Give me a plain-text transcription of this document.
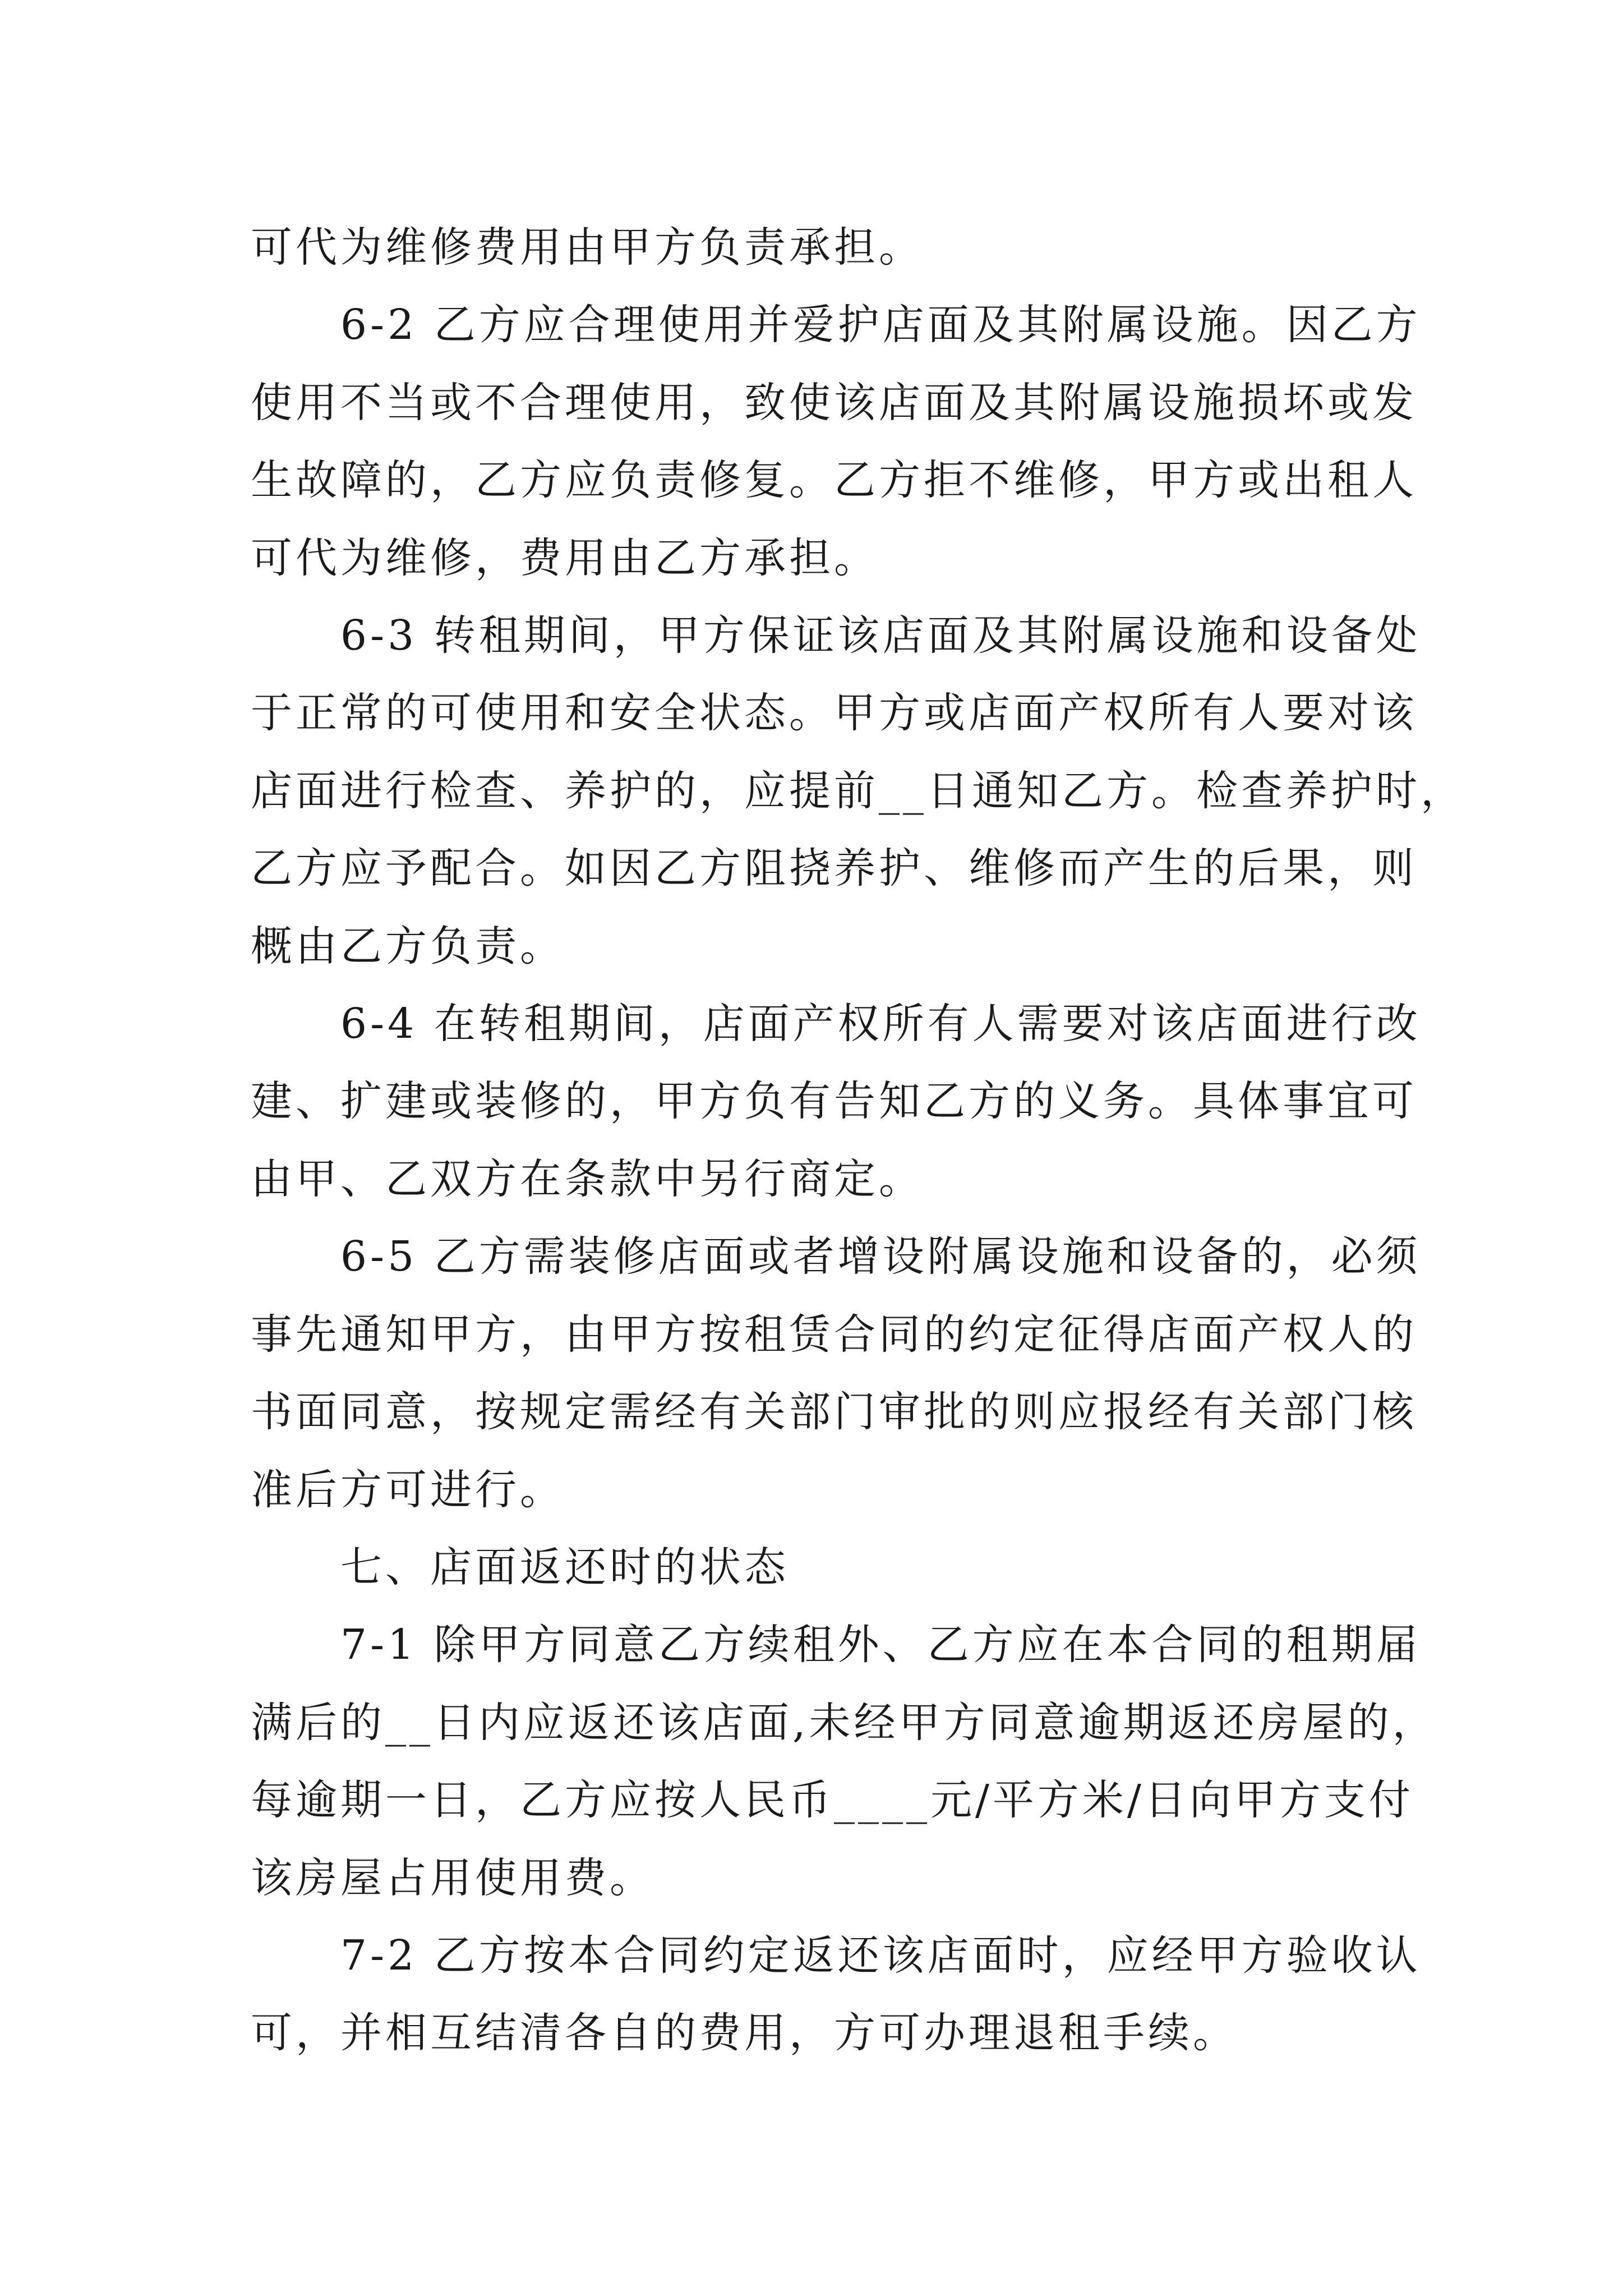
可代为维修费用由甲方负责承担。
6-2 乙方应合理使用并爱护店面及其附属设施。因乙方
使用不当或不合理使用，致使该店面及其附属设施损坏或发
生故障的，乙方应负责修复。乙方拒不维修，甲方或出租人
可代为维修，费用由乙方承担。
6-3 转租期间，甲方保证该店面及其附属设施和设备处
于正常的可使用和安全状态。甲方或店面产权所有人要对该
店面进行检查、养护的，应提前__日通知乙方。检查养护时，
乙方应予配合。如因乙方阻挠养护、维修而产生的后果，则
概由乙方负责。
6-4 在转租期间，店面产权所有人需要对该店面进行改
建、扩建或装修的，甲方负有告知乙方的义务。具体事宜可
由甲、乙双方在条款中另行商定。
6-5 乙方需装修店面或者增设附属设施和设备的，必须
事先通知甲方，由甲方按租赁合同的约定征得店面产权人的
书面同意，按规定需经有关部门审批的则应报经有关部门核
准后方可进行。
七、店面返还时的状态
7-1 除甲方同意乙方续租外、乙方应在本合同的租期届
满后的__日内应返还该店面,未经甲方同意逾期返还房屋的，
每逾期一日，乙方应按人民币____元/平方米/日向甲方支付
该房屋占用使用费。
7-2 乙方按本合同约定返还该店面时，应经甲方验收认
可，并相互结清各自的费用，方可办理退租手续。
